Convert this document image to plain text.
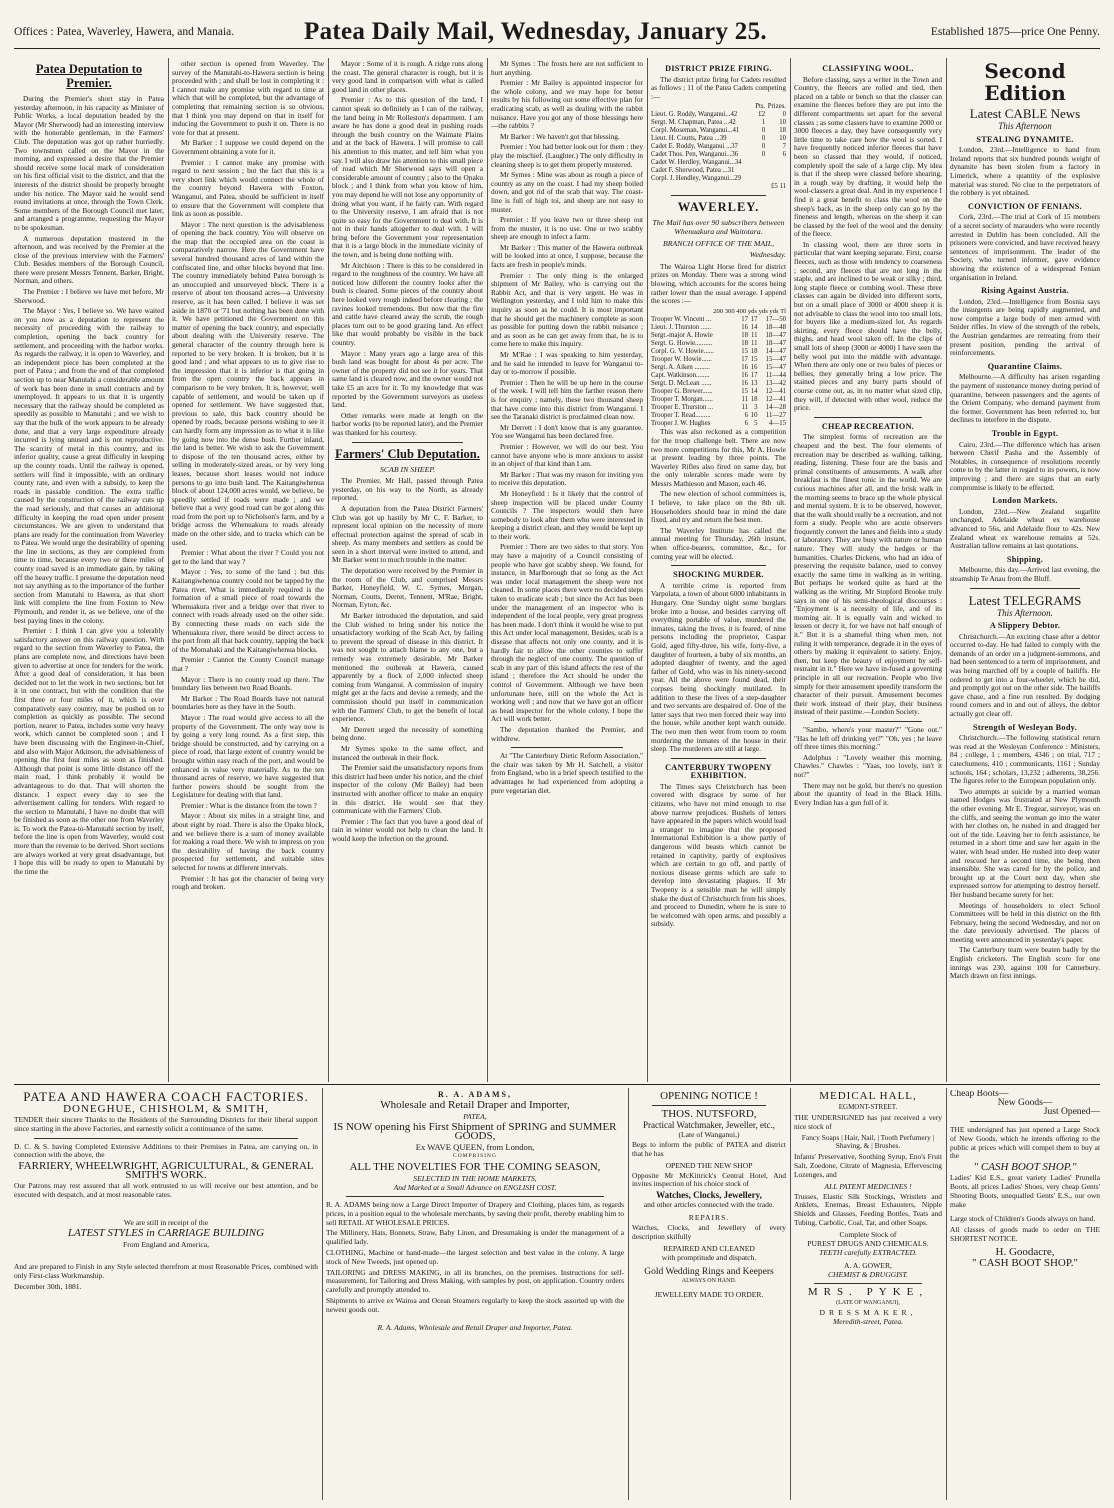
Offices : Patea, Waverley, Hawera, and Manaia.	Patea Daily Mail, Wednesday, January 25.	Established 1875—price One Penny.
Patea Deputation to Premier.

During the Premier's short stay in Patea yesterday afternoon, in his capacity as Minister of Public Works, a local deputation headed by the Mayor (Mr Sherwood) had an interesting interview with the honorable gentleman, in the Farmers' Club. The deputation was got up rather hurriedly. Two townsmen called on the Mayor in the morning, and expressed a desire that the Premier should receive some local mark of consideration on his first official visit to the district, and that the interests of the district should be properly brought under his notice. The Mayor said he would send round invitations at once, through the Town Clerk. Some members of the Borough Council met later, and arranged a programme, requesting the Mayor to be spokesman.

A numerous deputation mustered in the afternoon, and was received by the Premier at the close of the previous interview with the Farmers' Club. Besides members of the Borough Council, there were present Messrs Tennent, Barker, Bright, Norman, and others.

The Premier : I believe we have met before, Mr Sherwood.

The Mayor : Yes, I believe so. We have waited on you now as a deputation to represent the necessity of proceeding with the railway to completion, opening the back country for settlement, and proceeding with the harbor works. As regards the railway, it is open to Waverley, and an independent piece has been completed at the port of Patea ; and from the end of that completed section up to near Manutahi a considerable amount of work has been done in small contracts and by unemployed. It appears to us that it is urgently necessary that the railway should be completed as speedily as possible to Manutahi ; and we wish to say that the bulk of the work appears to be already done, and that a very large expenditure already incurred is lying unused and is not reproductive. The scarcity of metal in this country, and its inferior quality, cause a great difficulty in keeping up the county roads. Until the railway is opened, settlers will find it impossible, with an ordinary county rate, and even with a subsidy, to keep the roads in passable condition. The extra traffic caused by the construction of the railway cuts up the road seriously, and that causes an additional difficulty in keeping the road open under present circumstances. We are given to understand that plans are ready for the continuation from Waverley to Patea. We would urge the desirability of opening the line in sections, as they are completed from time to time, because every two or three miles of county road saved is an immediate gain, by taking off the heavy traffic. I presume the deputation need not say anything as to the importance of the further section from Manutahi to Hawera, as that short link will complete the line from Foxton to New Plymouth, and render it, as we believe, one of the best paying lines in the colony.

Premier : I think I can give you a tolerably satisfactory answer on this railway question. With regard to the section from Waverley to Patea, the plans are complete now, and directions have been given to advertise at once for tenders for the work. After a good deal of consideration, it has been decided not to let the work in two sections, but let it in one contract, but with the condition that the first three or four miles of it, which is over comparatively easy country, may be pushed on to completion as quickly as possible. The second portion, nearer to Patea, includes some very heavy work, which cannot be completed soon ; and I have been discussing with the Engineer-in-Chief, and also with Major Atkinson, the advisableness of opening the first four miles as soon as finished. Although that point is some little distance off the main road, I think probably it would be advantageous to do that. That will shorten the distance. I expect every day to see the advertisement calling for tenders. With regard to the section to Manutahi, I have no doubt that will be finished as soon as the other one from Waverley is. To work the Patea-to-Manutahi section by itself, before the line is open from Waverley, would cost more than the revenue to be derived. Short sections are always worked at very great disadvantage, but I hope this will be ready to open to Manutahi by the time the

other section is opened from Waverley. The survey of the Manutahi-to-Hawera section is being proceeded with ; and shall be lost in completing it : I cannot make any promise with regard to time at which that will be completed, but the advantage of completing that remaining section is so obvious, that I think you may depend on that in itself for inducing the Government to push it on. There is no vote for that at present.

Mr Barker : I suppose we could depend on the Government obtaining a vote for it.

Premier : I cannot make any promise with regard to next session ; but the fact that this is a very short link which would connect the whole of the country beyond Hawera with Foxton, Wanganui, and Patea, should be sufficient in itself to ensure that the Government will complete that link as soon as possible.

Mayor : The next question is the advisableness of opening the back country. You will observe on the map that the occupied area on the coast is comparatively narrow. Here the Government have several hundred thousand acres of land within the confiscated line, and other blocks beyond that line. The country immediately behind Patea borough is an unoccupied and unsurveyed block. There is a reserve of about ten thousand acres—a University reserve, as it has been called. I believe it was set aside in 1870 or '71 but nothing has been done with it. We have petitioned the Government on this matter of opening the back country, and especially about dealing with the University reserve. The general character of the country through here is reported to be very broken. It is broken, but it is good land ; and what appears to us to give rise to the impression that it is inferior is that going in from the open country the back appears in comparison to be very broken. It is, however, well capable of settlement, and would be taken up if opened for settlement. We have suggested that, previous to sale, this back country should be opened by roads, because persons wishing to see it can hardly form any impression as to what it is like by going now into the dense bush. Further inland, the land is better. We wish to ask the Government to dispose of the ten thousand acres, either by selling in moderately-sized areas, or by very long leases, because short leases would not induce persons to go into bush land. The Kaitangiwhenua block of about 124,000 acres would, we believe, be speedily settled if roads were made ; and we believe that a very good road can be got along this road from the port up to Nicholson's farm, and by a bridge across the Whenuakura to roads already made on the other side, and to tracks which can be used.

Premier : What about the river ? Could you not get to the land that way ?

Mayor : Yes, to some of the land ; but this Kaitangiwhenua country could not be tapped by the Patea river. What is immediately required is the formation of a small piece of road towards the Whenuakura river and a bridge over that river to connect with roads already used on the other side. By connecting these roads on each side the Whenuakura river, there would be direct access to the port from all that back country, tapping the back of the Momahaki and the Kaitangiwhenua blocks.

Premier : Cannot the County Council manage that ?

Mayor : There is no county road up there. The boundary lies between two Road Boards.

Mr Barker : The Road Boards have not natural boundaries here as they have in the South.

Mayor : The road would give access to all the property of the Government. The only way now is by going a very long round. As a first step, this bridge should be constructed, and by carrying on a piece of road, that large extent of country would be brought within easy reach of the port, and would be enhanced in value very materially. As to the ten thousand acres of reserve, we have suggested that further powers should be sought from the Legislature for dealing with that land.

Premier : What is the distance from the town ?

Mayor : About six miles in a straight line, and about eight by road. There is also the Opaku block, and we believe there is a sum of money available for making a road there. We wish to impress on you the desirability of having the back country prospected for settlement, and suitable sites selected for towns at different intervals.

Premier : It has got the character of being very rough and broken.

Mayor : Some of it is rough. A ridge runs along the coast. The general character is rough, but it is very good land in comparison with what is called good land in other places.

Premier : As to this question of the land, I cannot speak so definitely as I can of the railway, the land being in Mr Rolleston's department. I am aware he has done a good deal in pushing roads through the bush country on the Waimate Plains and at the back of Hawera. I will promise to call his attention to this matter, and tell him what you say. I will also draw his attention to this small piece of road which Mr Sherwood says will open a considerable amount of country ; also to the Opaku block ; and I think from what you know of him, you may depend he will not lose any opportunity of doing what you want, if he fairly can. With regard to the University reserve, I am afraid that is not quite so easy for the Government to deal with. It is not in their hands altogether to deal with. I will bring before the Government your representation that it is a large block in the immediate vicinity of the town, and is being done nothing with.

Mr Aitchison : There is this to be considered in regard to the roughness of the country. We have all noticed how different the country looks after the bush is cleared. Some pieces of the country about here looked very rough indeed before clearing ; the ravines looked tremendous. But now that the fire and cattle have cleared away the scrub, the rough places turn out to be good grazing land. An effect like that would probably be visible in the back country.

Mayor : Many years ago a large area of this bush land was bought for about 4s per acre. The owner of the property did not see it for years. That same land is cleared now, and the owner would not take £5 an acre for it. To my knowledge that was reported by the Government surveyors as useless land.

Other remarks were made at length on the harbor works (to be reported later), and the Premier was thanked for his courtesy.

Farmers' Club Deputation.
SCAB IN SHEEP.

The Premier, Mr Hall, passed through Patea yesterday, on his way to the North, as already reported.

A deputation from the Patea District Farmers' Club was got up hastily by Mr C. F. Barker, to represent local opinion on the necessity of more effectual protection against the spread of scab in sheep. As many members and settlers as could be seen in a short interval were invited to attend, and Mr Barker went to much trouble in the matter.

The deputation were received by the Premier in the room of the Club, and comprised Messrs Barker, Honeyfield, W. C. Symes, Morgan, Norman, Coutts, Derret, Tennent, M'Rae, Bright, Norman, Eyton, &c.

Mr Barker introduced the deputation, and said the Club wished to bring under his notice the unsatisfactory working of the Scab Act, by failing to prevent the spread of disease in this district. It was not sought to attach blame to any one, but a remedy was extremely desirable. Mr Barker mentioned the outbreak at Hawera, caused apparently by a flock of 2,000 infected sheep coming from Wanganui. A commission of inquiry might get at the facts and devise a remedy, and the commission should put itself in communication with the Farmers' Club, to get the benefit of local experience.

Mr Derrett urged the necessity of something being done.

Mr Symes spoke to the same effect, and instanced the outbreak in their flock.

The Premier said the unsatisfactory reports from this district had been under his notice, and the chief inspector of the colony (Mr Bailey) had been instructed with another officer to make an enquiry in this district. He would see that they communicate with the Farmers' Club.

Premier : The fact that you have a good deal of rain in winter would not help to clean the land. It would keep the infection on the ground.

Mr Symes : The frosts here are not sufficient to hurt anything.

Premier : Mr Bailey is appointed inspector for the whole colony, and we may hope for better results by his following out some effective plan for eradicating scab, as well as dealing with the rabbit nuisance. Have you got any of those blessings here—the rabbits ?

Mr Barker : We haven't got that blessing.

Premier : You had better look out for them : they play the mischief. (Laughter.) The only difficulty in cleaning sheep is to get them properly mustered.

Mr Symes : Mine was about as rough a piece of country as any on the coast. I had my sheep boiled down, and got rid of the scab that way. The coast-line is full of high toi, and sheep are not easy to muster.

Premier : If you leave two or three sheep out from the muster, it is no use. One or two scabby sheep are enough to infect a farm.

Mr Barker : This matter of the Hawera outbreak will be looked into at once, I suppose, because the facts are fresh in people's minds.

Premier : The only thing is the enlarged shipment of Mr Bailey, who is carrying out the Rabbit Act, and that is very urgent. He was in Wellington yesterday, and I told him to make this inquiry as soon as he could. It is most important that he should get the machinery complete as soon as possible for putting down the rabbit nuisance ; and as soon as he can get away from that, he is to come here to make this inquiry.

Mr M'Rae : I was speaking to him yesterday, and he said he intended to leave for Wanganui to-day or to-morrow if possible.

Premier : Then he will be up here in the course of the week. I will tell him the farther reason there is for enquiry ; namely, these two thousand sheep that have come into this district from Wanganui. I see the Taranaki district is proclaimed clean now.

Mr Derrett : I don't know that is any guarantee. You see Wanganui has been declared free.

Premier : However, we will do our best. You cannot have anyone who is more anxious to assist in an object of that kind than I am.

Mr Barker : That was my reason for inviting you to receive this deputation.

Mr Honeyfield : Is it likely that the control of sheep inspection will be placed under County Councils ? The inspectors would then have somebody to look after them who were interested in keeping a district clean, and they would be kept up to their work.

Premier : There are two sides to that story. You may have a majority of a Council consisting of people who have got scabby sheep. We found, for instance, in Marlborough that so long as the Act was under local management the sheep were not cleaned. In some places there were no decided steps taken to eradicate scab ; but since the Act has been under the management of an inspector who is independent of the local people, very great progress has been made. I don't think it would be wise to put this Act under local management. Besides, scab is a disease that affects not only one county, and it is hardly fair to allow the other counties to suffer through the neglect of one county. The question of scab in any part of this island affects the rest of the island ; therefore the Act should be under the control of Government. Although we have been unfortunate here, still on the whole the Act is working well ; and now that we have got an officer as head inspector for the whole colony, I hope the Act will work better.

The deputation thanked the Premier, and withdrew.

At "The Canterbury Dietic Reform Association," the chair was taken by Mr H. Satchell, a visitor from England, who in a brief speech testified to the advantages he had experienced from adopting a pure vegetarian diet.

DISTRICT PRIZE FIRING.

The district prize firing for Cadets resulted as follows ; 11 of the Patea Cadets competing :—

	Pts.	Prizes.
Lieut. G. Roddy, Wanganui...42	£2	0
Sergt. M. Chapman, Patea ...42	1	10
Corpl. Moseman, Wanganui...41	0	18
Lieut. H. Coutts, Patea ...39	0	10
Cadet E. Roddy, Wanganui ...37	0	7
Cadet Thos. Pen, Wanganui...36	0	6
Cadet W. Herdley, Wanganui...34		
Cadet F. Sherwood, Patea ...31		
Corpl. J. Hendley, Wanganui...29		
	£5 11	
WAVERLEY.
The Mail has over 90 subscribers between Whenuakura and Waitotara.
BRANCH OFFICE OF THE MAIL,
Wednesday.

The Wairoa Light Horse fired for district prizes on Monday. There was a strong wind blowing, which accounts for the scores being rather lower than the usual average. I append the scores :—

200 300 400 yds yds yds Tl
Trooper W. Vincent ...	17	17	17—50
Lieut. J. Thurston ......	16	14	18—48
Sergt.-major A. Howie	18	11	18—47
Sergt. G. Howie..........	18	11	18—47
Corpl. G. V. Howie......	15	18	14—47
Trooper W. Howie......	17	15	15—47
Sergt. A. Aiken .........	16	16	15—47
Capt. Watkinson........	16	17	11—44
Sergt. D. McLean ......	16	13	13—42
Trooper G. Brewer......	15	14	12—41
Trooper T. Morgan......	11	18	12—41
Trooper E. Thurston ...	11	3	14—28
Trooper T. Read.........	6	10	11—27
Trooper J. W. Hughes	6	5	4—15

This was also reckoned as a competition for the troop challenge belt. There are now two more competitions for this, Mr A. Howie at present leading by three points. The Waverley Rifles also fired on same day, but the only tolerable scores made were by Messrs Mathieson and Mason, each 46.

The new election of school committees is, I believe, to take place on the 8th ult. Householders should bear in mind the date fixed, and try and return the best men.

The Waverley Institute has called the annual meeting for Thursday, 26th instant, when office-bearers, committee, &c., for coming year will be elected.

SHOCKING MURDER.

A terrible crime is reported from Varpolata, a town of about 6000 inhabitants in Hungary. One Sunday night some burglars broke into a house, and besides carrying off everything portable of value, murdered the inmates, taking the lives, it is feared, of nine persons including the proprietor, Caspar Gold, aged fifty-three, his wife, forty-five, a daughter of fourteen, a baby of six months, an adopted daughter of twenty, and the aged father of Gold, who was in his ninety-second year. All the above were found dead, their corpses being shockingly mutilated. In addition to these the lives of a step-daughter and two servants are despaired of. One of the latter says that two men forced their way into the house, while another kept watch outside. The two men then went from room to room murdering the inmates of the house in their sleep. The murderers are still at large.

CANTERBURY TWOPENY EXHIBITION.

The Times says Christchurch has been covered with disgrace by some of her citizens, who have not mind enough to rise above narrow prejudices. Bushels of letters have appeared in the papers which would lead a stranger to imagine that the proposed International Exhibition is a show partly of dangerous wild beasts which cannot be retained in captivity, partly of explosives which are certain to go off, and partly of noxious disease germs which are safe to develop into devastating plagues. If Mr Twopeny is a sensible man he will simply shake the dust of Christchurch from his shoes, and proceed to Dunedin, where he is sure to be welcomed with open arms, and possibly a subsidy.

CLASSIFYING WOOL.

Before classing, says a writer in the Town and Country, the fleeces are rolled and tied, then placed on a table or bench so that the classer can examine the fleeces before they are put into the different compartments set apart for the several classes ; as some classers have to examine 2000 or 3000 fleeces a day, they have consequently very little time to take care how the wool is sorted. I have frequently noticed inferior fleeces that have been so classed that they would, if noticed, completely spoil the sale of a large clip. My idea is that if the sheep were classed before shearing, in a rough way by drafting, it would help the wool-classers a great deal. And in my experience I find it a great benefit to class the wool on the sheep's back, as in the sheep only can go by the fineness and length, whereas on the sheep it can be classed by the feel of the wool and the density of the fleece.

In classing wool, there are three sorts in particular that want keeping separate. First, coarse fleeces, such as those with tendency to coarseness ; second, any fleeces that are not long in the staple, and are inclined to be weak or silky ; third, long staple fleece or combing wool. These three classes can again be divided into different sorts, but on a small place of 3000 or 4000 sheep it is not advisable to class the wool into too small lots, for buyers like a medium-sized lot. As regards skirting, every fleece should have the belly, thighs, and head wool taken off. In the clips of small lots of sheep (3000 or 4000) I have seen the belly wool put into the middle with advantage. When there are only one or two bales of pieces or bellies, they generally bring a low price. The stained pieces and any burry parts should of course come out, as, in no matter what sized clip, they will, if detected with other wool, reduce the price.

CHEAP RECREATION.

The simplest forms of recreation are the cheapest and the best. The four elements of recreation may be described as walking, talking, reading, listening. These four are the basis and primal constituents of amusements. A walk after breakfast is the finest tonic in the world. We are curious machines after all, and the brisk walk in the morning seems to brace up the whole physical and mental system. It is to be observed, however, that the walk should really be a recreation, and not form a study. People who are acute observers frequently convert the lanes and fields into a study or laboratory. They are busy with nature or human nature. They will study the hedges or the humanities. Charles Dickens, who had an idea of preserving the requisite balance, used to convey exactly the same time in walking as in writing. But perhaps he worked quite as hard at the walking as the writing. Mr Stopford Brooke truly says in one of his semi-theological discourses : "Enjoyment is a necessity of life, and of its morning air. It is equally vain and wicked to lessen or decry it, for we have not half enough of it." But it is a shameful thing when men, not ruling it with temperance, degrade it in the eyes of others by making it equivalent to satiety. Enjoy, then, but keep the beauty of enjoyment by self-restraint in it." Here we have in-fused a governing principle in all our recreation. People who live simply for their amusement speedily transform the character of their pursuit. Amusement becomes their work instead of their play, their business instead of their pastime.—London Society.

"Sambo, where's your master?" "Gone out." "Has he left off drinking yet?" "Oh, yes ; he leave off three times this morning."

Adolphus : "Lovely weather this morning, Chawles." Chawles : "Yaas, too lovely, isn't it not?"

There may not be gold, but there's no question about the quantity of lead in the Black Hills. Every Indian has a gun full of it.

Second Edition
Latest CABLE News
This Afternoon
STEALING DYNAMITE.

London, 23rd.—Intelligence to hand from Ireland reports that six hundred pounds weight of dynamite has been stolen from a factory in Limerick, where a quantity of the explosive material was stored. No clue to the perpetrators of the robbery is yet obtained.

CONVICTION OF FENIANS.

Cork, 23rd.—The trial at Cork of 15 members of a secret society of marauders who were recently arrested in Dublin has been concluded. All the prisoners were convicted, and have received heavy sentences of imprisonment. The leader of the Society, who turned informer, gave evidence showing the existence of a widespread Fenian organisation in Ireland.

Rising Against Austria.

London, 23rd.—Intelligence from Bosnia says the insurgents are being rapidly augmented, and now comprise a large body of men armed with Snider rifles. In view of the strength of the rebels, the Austrian gendarmes are retreating from their present position, pending the arrival of reinforcements.

Quarantine Claims.

Melbourne.—A difficulty has arisen regarding the payment of sustenance money during period of quarantine, between passengers and the agents of the Orient Company, who demand payment from the former. Government has been referred to, but declines to interfere in the dispute.

Trouble in Egypt.

Cairo, 23rd.—The difference which has arisen between Cherif Pasha and the Assembly of Notables, in consequence of resolutions recently come to by the latter in regard to its powers, is now improving ; and there are signs that an early compromise is likely to be effected.

London Markets.

London, 23rd.—New Zealand sugarlite unchanged. Adelaide wheat ex warehouse advanced to 56s, and Adelaide flour to 42s. New Zealand wheat ex warehouse remains at 52s. Australian tallow remains at last quotations.

Shipping.

Melbourne, this day.—Arrived last evening, the steamship Te Anau from the Bluff.

Latest TELEGRAMS
This Afternoon.
A Slippery Debtor.

Christchurch.—An exciting chase after a debtor occurred to-day. He had failed to comply with the demands of an order on a judgment-summons, and had been sentenced to a term of imprisonment, and was being marched off by a couple of bailiffs. He ordered to get into a four-wheeler, which he did, and promptly got out on the other side. The bailiffs gave chase, and a fine run resulted. By dodging round corners and in and out of alleys, the debtor actually got clear off.

Strength of Wesleyan Body.

Christchurch.—The following statistical return was read at the Wesleyan Conference : Ministers, 84 ; college, 1 ; members, 4346 ; on trial, 717 ; catechumens, 410 ; communicants, 1161 ; Sunday schools, 164 ; scholars, 13,232 ; adherents, 38,256. The figures refer to the European population only.

Two attempts at suicide by a married woman named Hodges was frustrated at New Plymouth the other evening. Mr E. Tregear, surveyor, was on the cliffs, and seeing the woman go into the water with her clothes on, he rushed in and dragged her out of the tide. Leaving her to fetch assistance, he returned in a short time and saw her again in the water, with head under. He rushed into deep water and rescued her a second time, she being then insensible. She was cared for by the police, and brought up at the Court next day, when she expressed sorrow for attempting to destroy herself. Her husband became surety for her.

Meetings of householders to elect School Committees will be held in this district on the 8th February, being the second Wednesday, and not on the date previously advertised. The places of meeting were announced in yesterday's paper.

The Canterbury team were beaten badly by the English cricketers. The English score for one innings was 230, against 100 for Canterbury. Match drawn on first innings.

PATEA AND HAWERA COACH FACTORIES.
DONEGHUE, CHISHOLM, & SMITH,
TENDER their sincere Thanks to the Residents of the Surrounding Districts for their liberal support since starting in the above Factories, and earnestly solicit a continuance of the same.
D. C. & S. having Completed Extensive Additions to their Premises in Patea, are carrying on, in connection with the above, the
FARRIERY, WHEELWRIGHT, AGRICULTURAL, & GENERAL SMITH'S WORK.
Our Patrons may rest assured that all work entrusted to us will receive our best attention, and be executed with despatch, and at most reasonable rates.
We are still in receipt of the
LATEST STYLES in CARRIAGE BUILDING
From England and America,
And are prepared to Finish in any Style selected therefrom at most Reasonable Prices, combined with only First-class Workmanship.
December 30th, 1881.
R. A. ADAMS,
Wholesale and Retail Draper and Importer,
PATEA,
IS NOW opening his First Shipment of SPRING and SUMMER GOODS,
Ex WAVE QUEEN, from London,
COMPRISING
ALL THE NOVELTIES FOR THE COMING SEASON,
SELECTED IN THE HOME MARKETS,
And Marked at a Small Advance on ENGLISH COST.
R. A. ADAMS being now a Large Direct Importer of Drapery and Clothing, places him, as regards prices, in a position equal to the wholesale merchants, by saving their profit, thereby enabling him to sell RETAIL AT WHOLESALE PRICES.
The Millinery, Hats, Bonnets, Straw, Baby Linen, and Dressmaking is under the management of a qualified lady.
CLOTHING, Machine or hand-made—the largest selection and best value in the colony. A large stock of New Tweeds, just opened up.
TAILORING and DRESS MAKING, in all its branches, on the premises. Instructions for self-measurement, for Tailoring and Dress Making, with samples by post, on application. Country orders carefully and promptly attended to.
Shipments to arrive ex Wairoa and Ocean Steamers regularly to keep the stock assorted up with the newest goods out.
R. A. Adams, Wholesale and Retail Draper and Importer, Patea.
OPENING NOTICE !
THOS. NUTSFORD,
Practical Watchmaker, Jeweller, etc.,
(Late of Wanganui,)
Begs to inform the public of PATEA and district that he has
OPENED THE NEW SHOP
Opposite Mr McKittrick's Central Hotel, And invites inspection of his choice stock of
Watches, Clocks, Jewellery,
and other articles connected with the trade.
REPAIRS.
Watches, Clocks, and Jewellery of every description skilfully
REPAIRED AND CLEANED
with promptitude and dispatch.
Gold Wedding Rings and Keepers
ALWAYS ON HAND.
JEWELLERY MADE TO ORDER.
MEDICAL HALL,
EGMONT-STREET.
THE UNDERSIGNED has just received a very nice stock of
Fancy Soaps | Hair, Nail, | Tooth Perfumery | Shaving, & | Brushes.
Infants' Preservative, Soothing Syrup, Eno's Fruit Salt, Zoedone, Citrate of Magnesia, Effervescing Lozenges, and
ALL PATENT MEDICINES !
Trusses, Elastic Silk Stockings, Wristlets and Anklets, Enemas, Breast Exhausters, Nipple Shields and Glasses, Feeding Bottles, Teats and Tubing, Carbolic, Coal, Tar, and other Soaps.
Complete Stock of
PUREST DRUGS AND CHEMICALS.
TEETH carefully EXTRACTED.
A. A. GOWER,
CHEMIST & DRUGGIST.
MRS. PYKE,
(LATE OF WANGANUI),
DRESSMAKER,
Meredith-street, Patea.
Cheap Boots—
New Goods—
Just Opened—
THE undersigned has just opened a Large Stock of New Goods, which he intends offering to the public at prices which will compel them to buy at the
" CASH BOOT SHOP."
Ladies' Kid E.S., great variety Ladies' Prunella Boots, all prices Ladies' Shoes, very cheap Gents' Shooting Boots, unequalled Gents' E.S., our own make
Large stock of Children's Goods always on hand.
All classes of goods made to order on THE SHORTEST NOTICE.
H. Goodacre,
" CASH BOOT SHOP."
